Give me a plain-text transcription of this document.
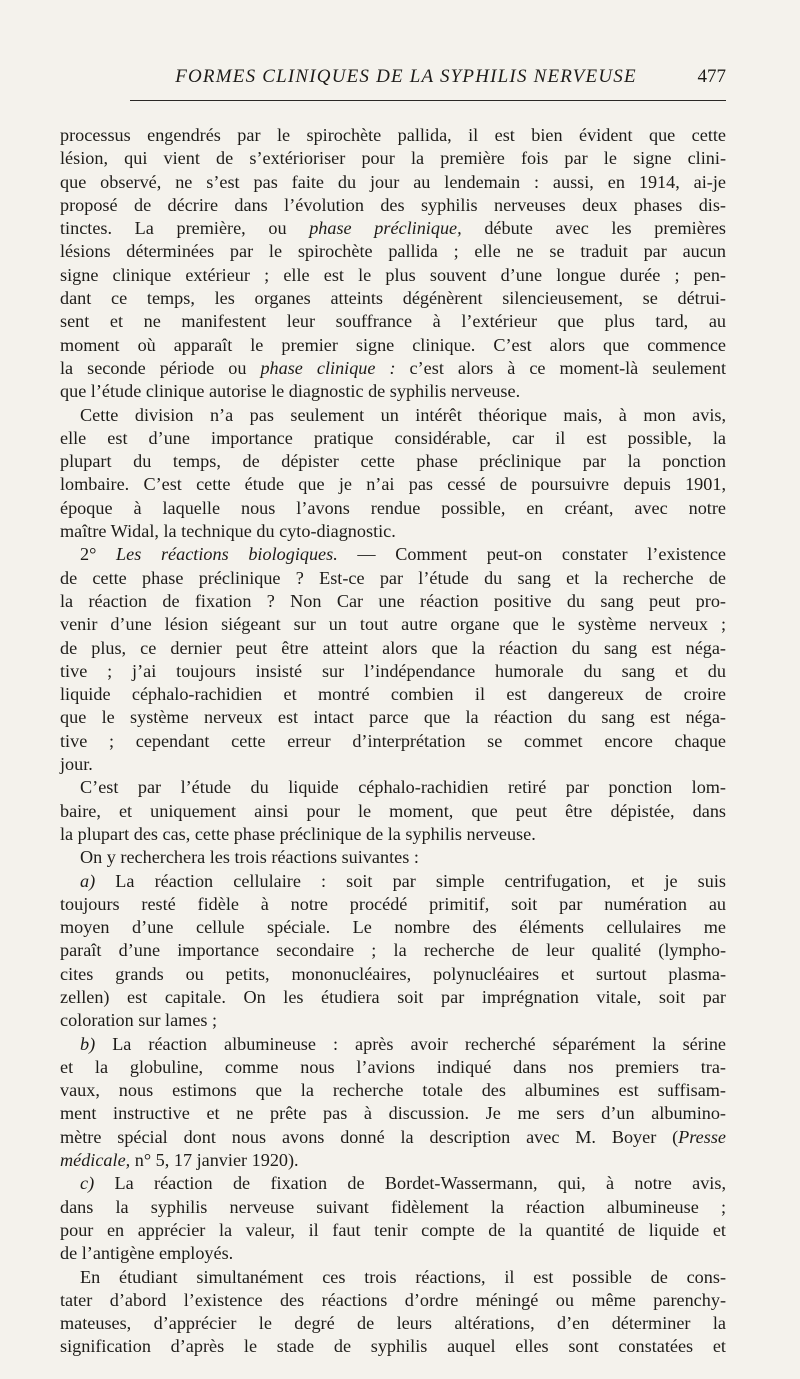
FORMES CLINIQUES DE LA SYPHILIS NERVEUSE	477
processus engendrés par le spirochète pallida, il est bien évident que cette
lésion, qui vient de s’extérioriser pour la première fois par le signe clini-
que observé, ne s’est pas faite du jour au lendemain : aussi, en 1914, ai-je
proposé de décrire dans l’évolution des syphilis nerveuses deux phases dis-
tinctes. La première, ou phase préclinique, débute avec les premières
lésions déterminées par le spirochète pallida ; elle ne se traduit par aucun
signe clinique extérieur ; elle est le plus souvent d’une longue durée ; pen-
dant ce temps, les organes atteints dégénèrent silencieusement, se détrui-
sent et ne manifestent leur souffrance à l’extérieur que plus tard, au
moment où apparaît le premier signe clinique. C’est alors que commence
la seconde période ou phase clinique : c’est alors à ce moment-là seulement
que l’étude clinique autorise le diagnostic de syphilis nerveuse.
Cette division n’a pas seulement un intérêt théorique mais, à mon avis,
elle est d’une importance pratique considérable, car il est possible, la
plupart du temps, de dépister cette phase préclinique par la ponction
lombaire. C’est cette étude que je n’ai pas cessé de poursuivre depuis 1901,
époque à laquelle nous l’avons rendue possible, en créant, avec notre
maître Widal, la technique du cyto-diagnostic.
2° Les réactions biologiques. — Comment peut-on constater l’existence
de cette phase préclinique ? Est-ce par l’étude du sang et la recherche de
la réaction de fixation ? Non Car une réaction positive du sang peut pro-
venir d’une lésion siégeant sur un tout autre organe que le système nerveux ;
de plus, ce dernier peut être atteint alors que la réaction du sang est néga-
tive ; j’ai toujours insisté sur l’indépendance humorale du sang et du
liquide céphalo-rachidien et montré combien il est dangereux de croire
que le système nerveux est intact parce que la réaction du sang est néga-
tive ; cependant cette erreur d’interprétation se commet encore chaque
jour.
C’est par l’étude du liquide céphalo-rachidien retiré par ponction lom-
baire, et uniquement ainsi pour le moment, que peut être dépistée, dans
la plupart des cas, cette phase préclinique de la syphilis nerveuse.
On y recherchera les trois réactions suivantes :
a) La réaction cellulaire : soit par simple centrifugation, et je suis
toujours resté fidèle à notre procédé primitif, soit par numération au
moyen d’une cellule spéciale. Le nombre des éléments cellulaires me
paraît d’une importance secondaire ; la recherche de leur qualité (lympho-
cites grands ou petits, mononucléaires, polynucléaires et surtout plasma-
zellen) est capitale. On les étudiera soit par imprégnation vitale, soit par
coloration sur lames ;
b) La réaction albumineuse : après avoir recherché séparément la sérine
et la globuline, comme nous l’avions indiqué dans nos premiers tra-
vaux, nous estimons que la recherche totale des albumines est suffisam-
ment instructive et ne prête pas à discussion. Je me sers d’un albumino-
mètre spécial dont nous avons donné la description avec M. Boyer (Presse
médicale, n° 5, 17 janvier 1920).
c) La réaction de fixation de Bordet-Wassermann, qui, à notre avis,
dans la syphilis nerveuse suivant fidèlement la réaction albumineuse ;
pour en apprécier la valeur, il faut tenir compte de la quantité de liquide et
de l’antigène employés.
En étudiant simultanément ces trois réactions, il est possible de cons-
tater d’abord l’existence des réactions d’ordre méningé ou même parenchy-
mateuses, d’apprécier le degré de leurs altérations, d’en déterminer la
signification d’après le stade de syphilis auquel elles sont constatées et
